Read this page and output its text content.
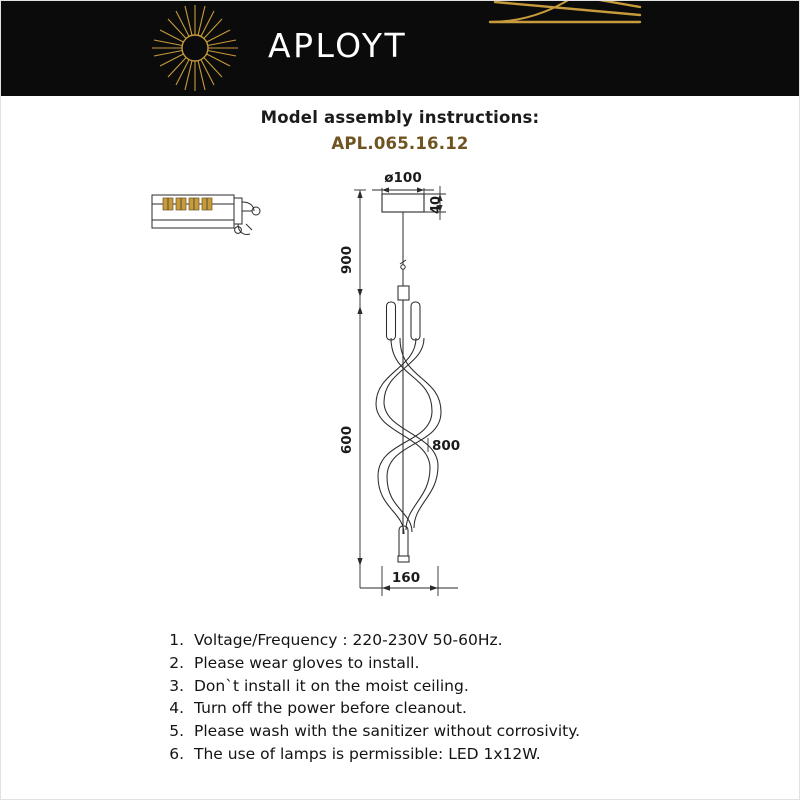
APLOYT
Model assembly instructions:
APL.065.16.12
ø100
40
900
600	800
160
1. Voltage/Frequency : 220-230V 50-60Hz.
2. Please wear gloves to install.
3. Don`t install it on the moist ceiling.
4. Turn off the power before cleanout.
5. Please wash with the sanitizer without corrosivity.
6. The use of lamps is permissible: LED 1x12W.
